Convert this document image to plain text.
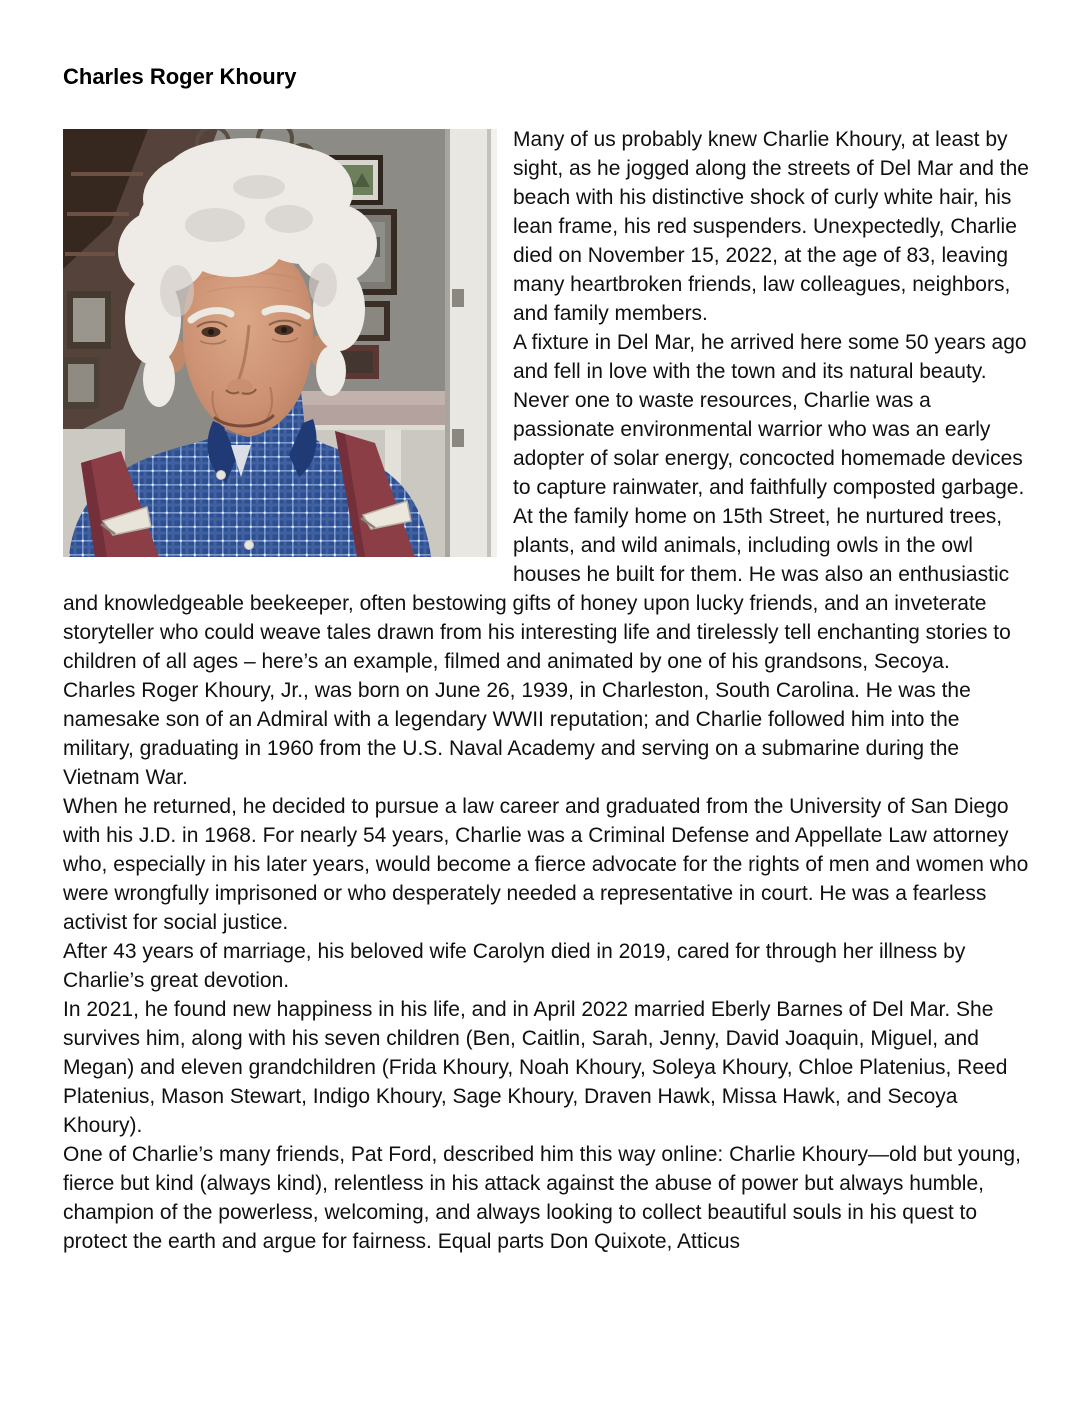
Charles Roger Khoury

Many of us probably knew Charlie Khoury, at least by sight, as he jogged along the streets of Del Mar and the beach with his distinctive shock of curly white hair, his lean frame, his red suspenders. Unexpectedly, Charlie died on November 15, 2022, at the age of 83, leaving many heartbroken friends, law colleagues, neighbors, and family members.

A fixture in Del Mar, he arrived here some 50 years ago and fell in love with the town and its natural beauty. Never one to waste resources, Charlie was a passionate environmental warrior who was an early adopter of solar energy, concocted homemade devices to capture rainwater, and faithfully composted garbage. At the family home on 15th Street, he nurtured trees, plants, and wild animals, including owls in the owl houses he built for them. He was also an enthusiastic and knowledgeable beekeeper, often bestowing gifts of honey upon lucky friends, and an inveterate storyteller who could weave tales drawn from his interesting life and tirelessly tell enchanting stories to children of all ages – here’s an example, filmed and animated by one of his grandsons, Secoya.

Charles Roger Khoury, Jr., was born on June 26, 1939, in Charleston, South Carolina. He was the namesake son of an Admiral with a legendary WWII reputation; and Charlie followed him into the military, graduating in 1960 from the U.S. Naval Academy and serving on a submarine during the Vietnam War.

When he returned, he decided to pursue a law career and graduated from the University of San Diego with his J.D. in 1968. For nearly 54 years, Charlie was a Criminal Defense and Appellate Law attorney who, especially in his later years, would become a fierce advocate for the rights of men and women who were wrongfully imprisoned or who desperately needed a representative in court. He was a fearless activist for social justice.

After 43 years of marriage, his beloved wife Carolyn died in 2019, cared for through her illness by Charlie’s great devotion.

In 2021, he found new happiness in his life, and in April 2022 married Eberly Barnes of Del Mar. She survives him, along with his seven children (Ben, Caitlin, Sarah, Jenny, David Joaquin, Miguel, and Megan) and eleven grandchildren (Frida Khoury, Noah Khoury, Soleya Khoury, Chloe Platenius, Reed Platenius, Mason Stewart, Indigo Khoury, Sage Khoury, Draven Hawk, Missa Hawk, and Secoya Khoury).

One of Charlie’s many friends, Pat Ford, described him this way online: Charlie Khoury—old but young, fierce but kind (always kind), relentless in his attack against the abuse of power but always humble, champion of the powerless, welcoming, and always looking to collect beautiful souls in his quest to protect the earth and argue for fairness. Equal parts Don Quixote, Atticus
